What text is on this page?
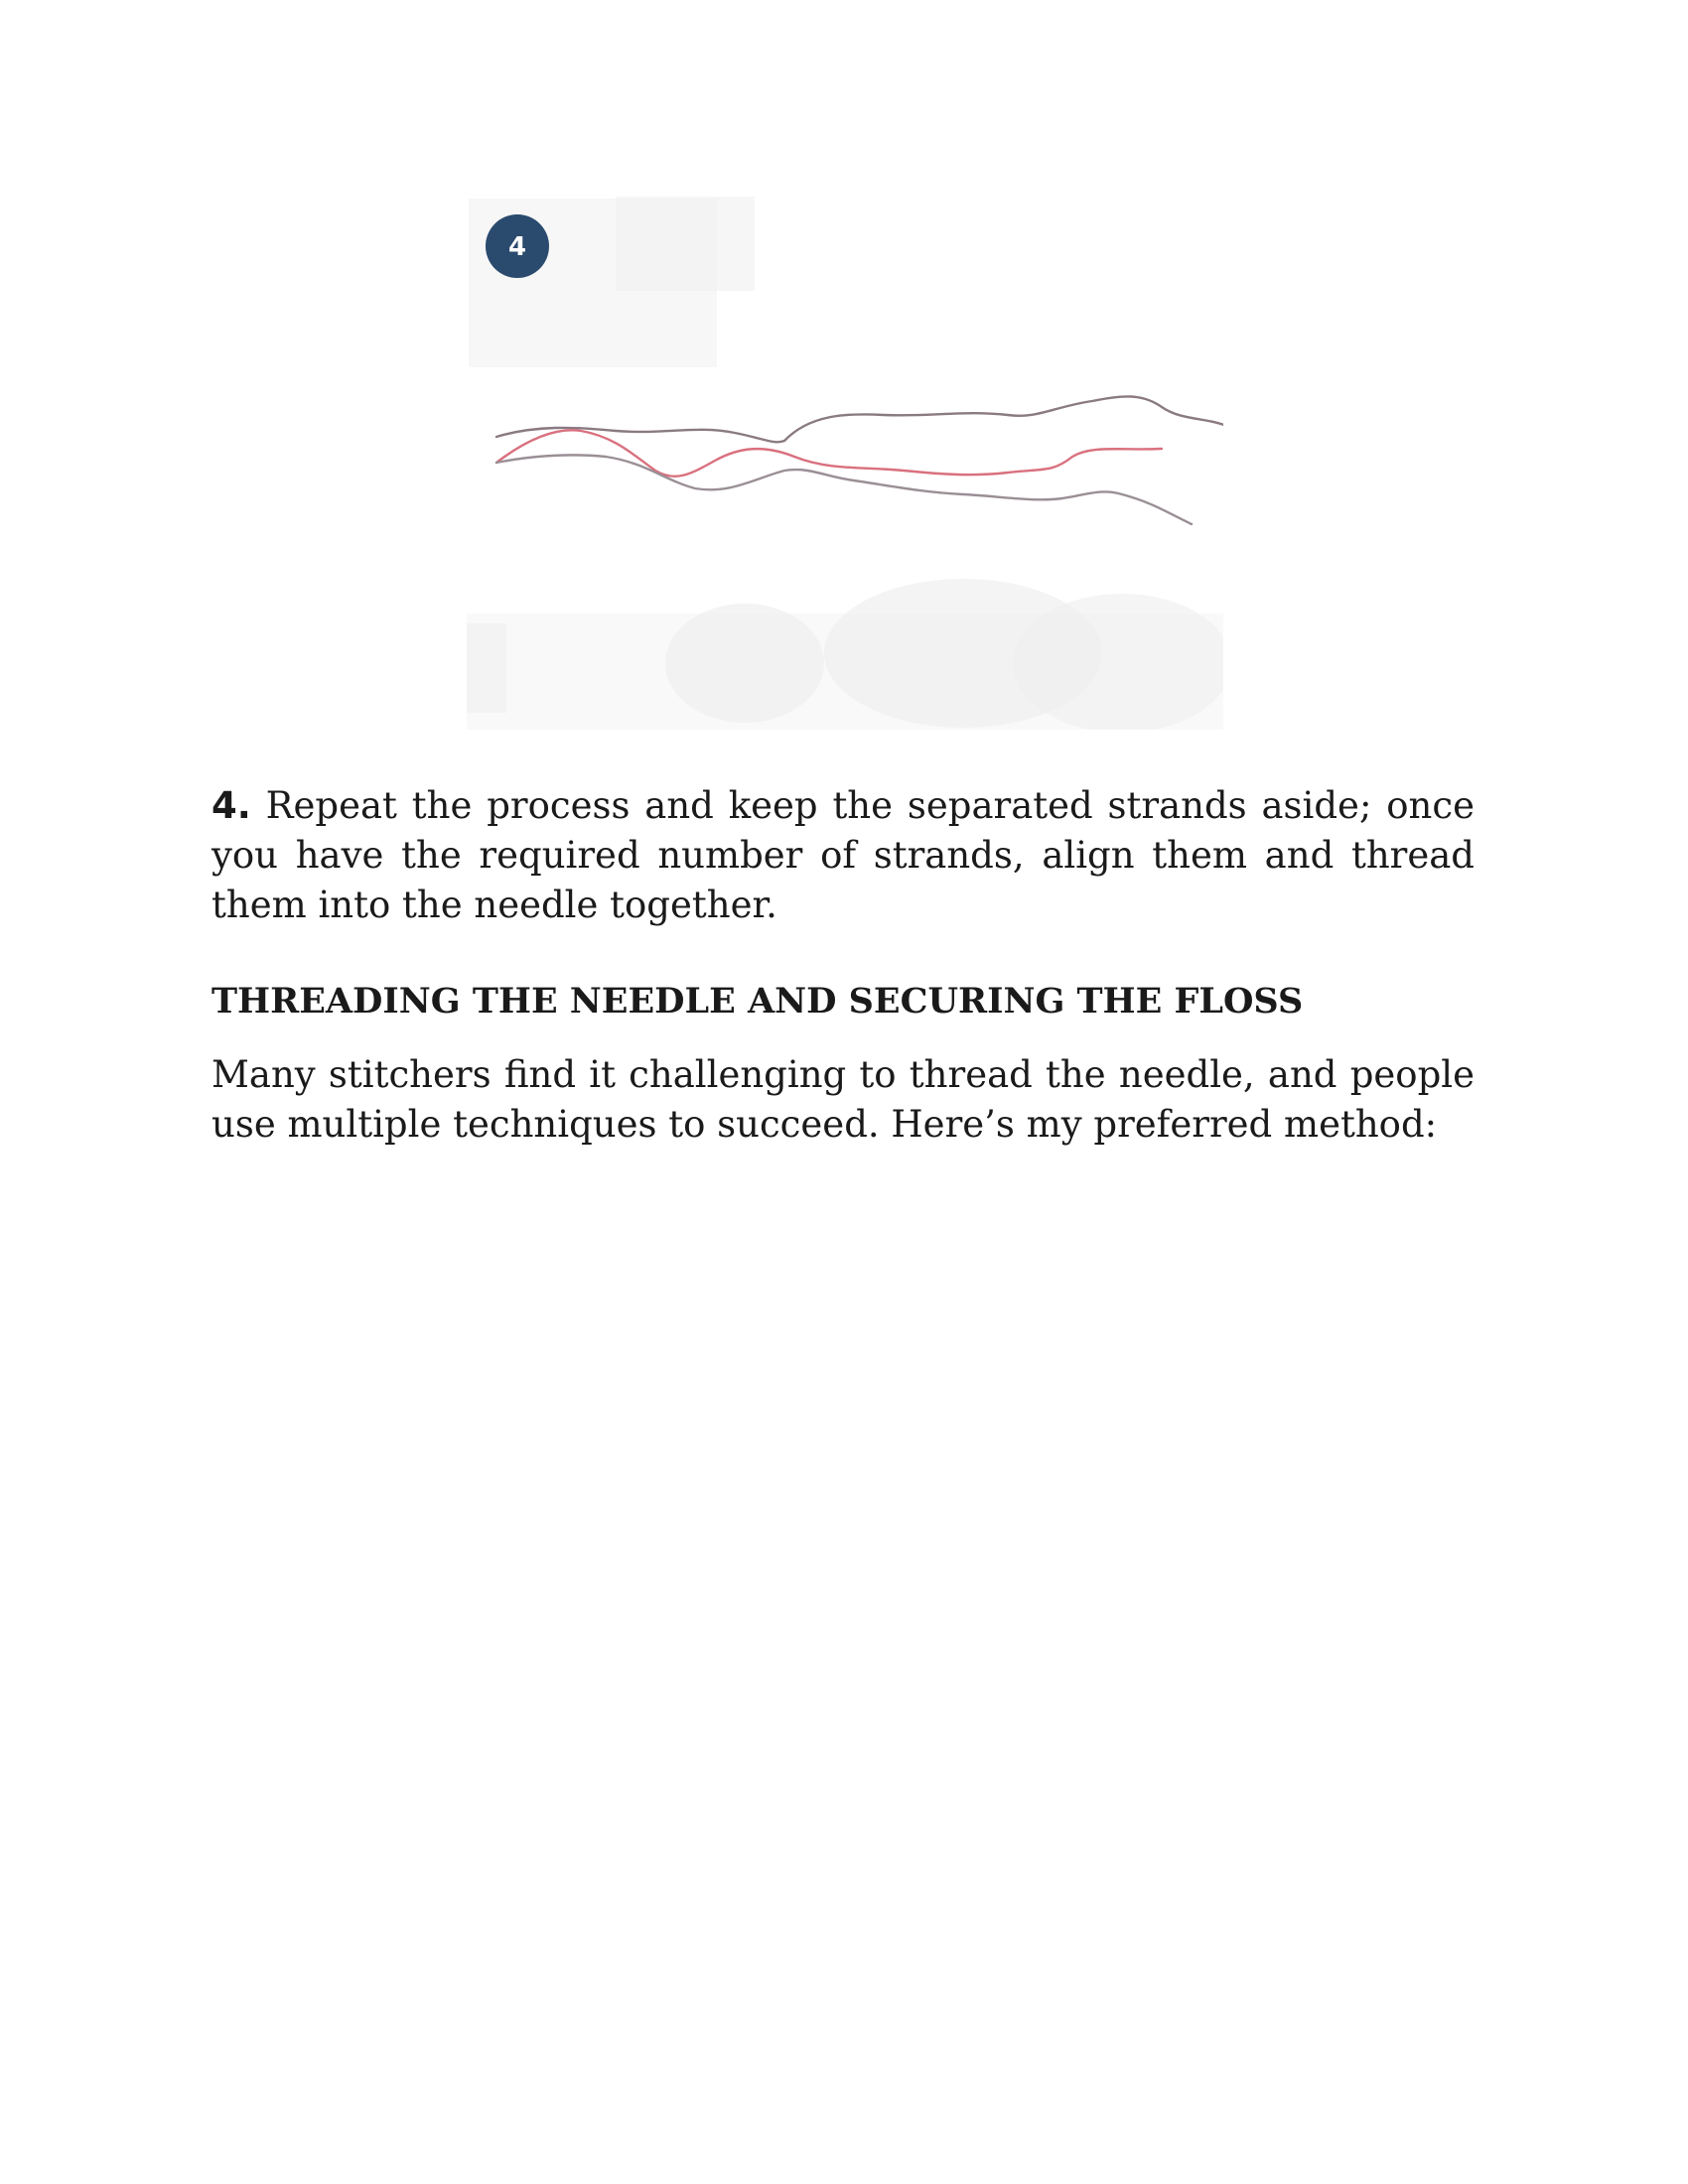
4

4. Repeat the process and keep the separated strands aside; once you have the required number of strands, align them and thread them into the needle together.

THREADING THE NEEDLE AND SECURING THE FLOSS

Many stitchers find it challenging to thread the needle, and people use multiple techniques to succeed. Here’s my preferred method:
